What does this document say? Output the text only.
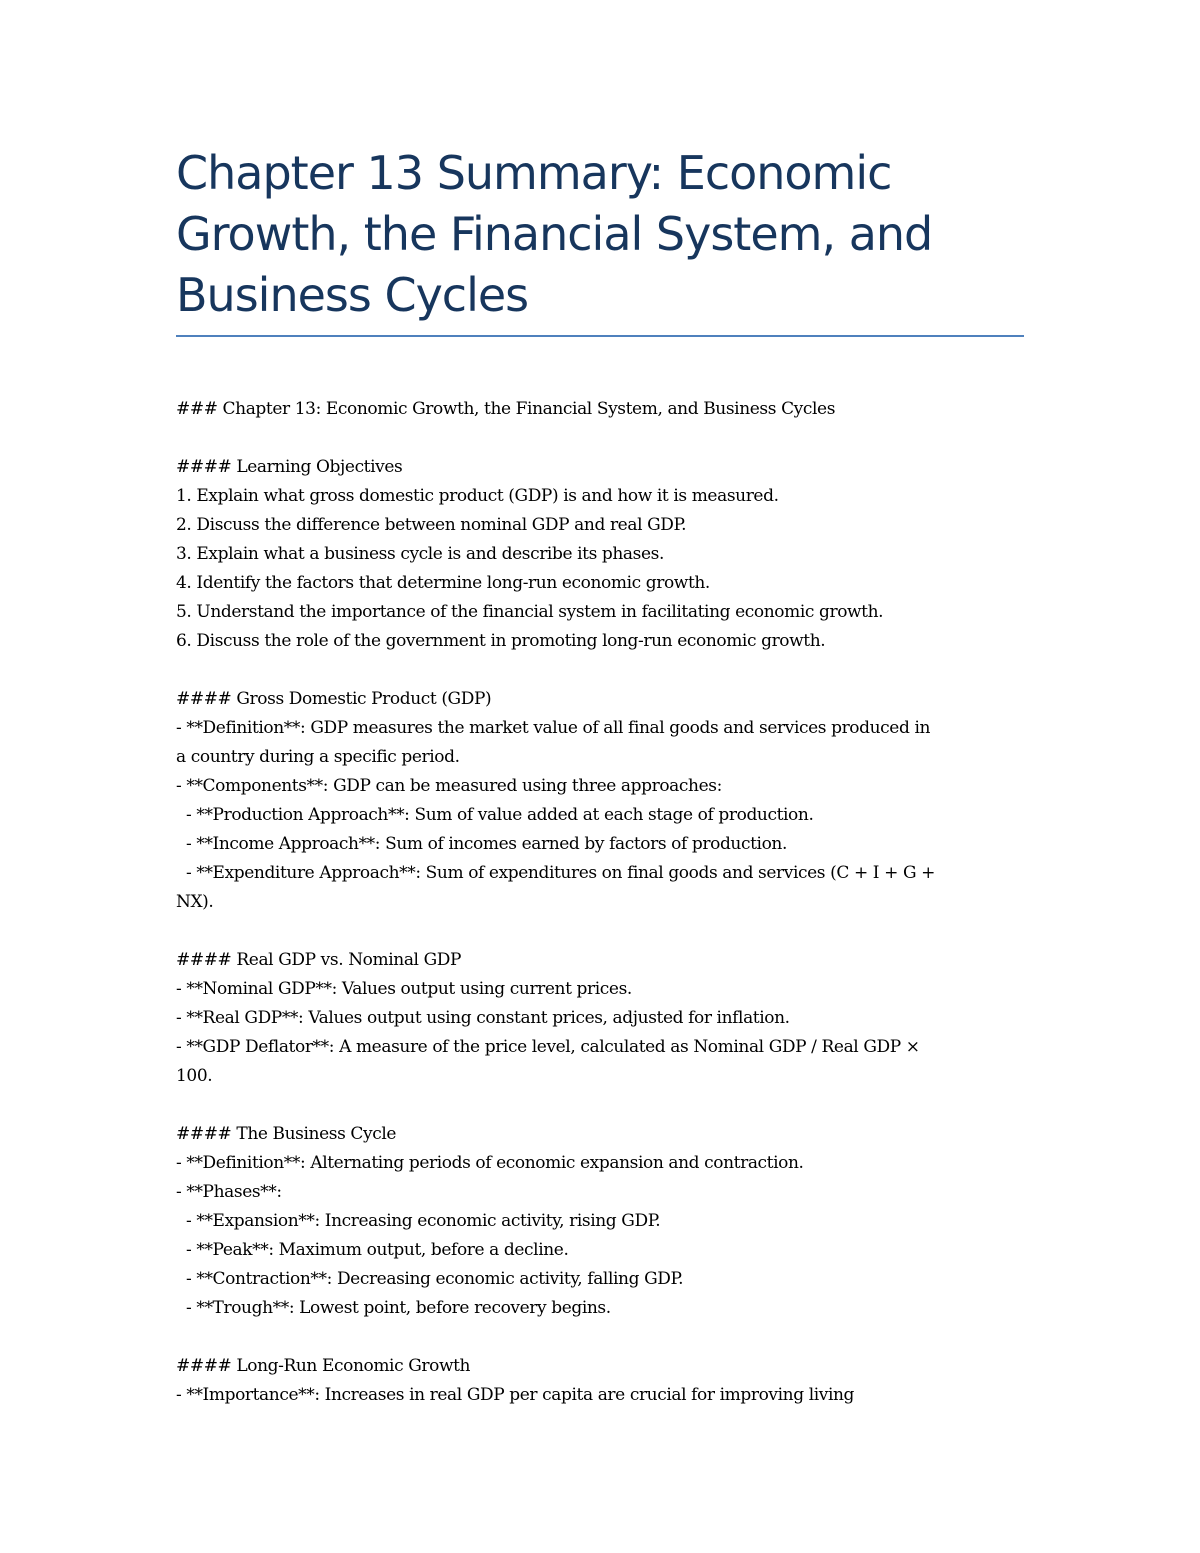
Chapter 13 Summary: Economic
Growth, the Financial System, and
Business Cycles
### Chapter 13: Economic Growth, the Financial System, and Business Cycles
#### Learning Objectives
1. Explain what gross domestic product (GDP) is and how it is measured.
2. Discuss the difference between nominal GDP and real GDP.
3. Explain what a business cycle is and describe its phases.
4. Identify the factors that determine long-run economic growth.
5. Understand the importance of the financial system in facilitating economic growth.
6. Discuss the role of the government in promoting long-run economic growth.
#### Gross Domestic Product (GDP)
- **Definition**: GDP measures the market value of all final goods and services produced in
a country during a specific period.
- **Components**: GDP can be measured using three approaches:
- **Production Approach**: Sum of value added at each stage of production.
- **Income Approach**: Sum of incomes earned by factors of production.
- **Expenditure Approach**: Sum of expenditures on final goods and services (C + I + G +
NX).
#### Real GDP vs. Nominal GDP
- **Nominal GDP**: Values output using current prices.
- **Real GDP**: Values output using constant prices, adjusted for inflation.
- **GDP Deflator**: A measure of the price level, calculated as Nominal GDP / Real GDP ×
100.
#### The Business Cycle
- **Definition**: Alternating periods of economic expansion and contraction.
- **Phases**:
- **Expansion**: Increasing economic activity, rising GDP.
- **Peak**: Maximum output, before a decline.
- **Contraction**: Decreasing economic activity, falling GDP.
- **Trough**: Lowest point, before recovery begins.
#### Long-Run Economic Growth
- **Importance**: Increases in real GDP per capita are crucial for improving living
